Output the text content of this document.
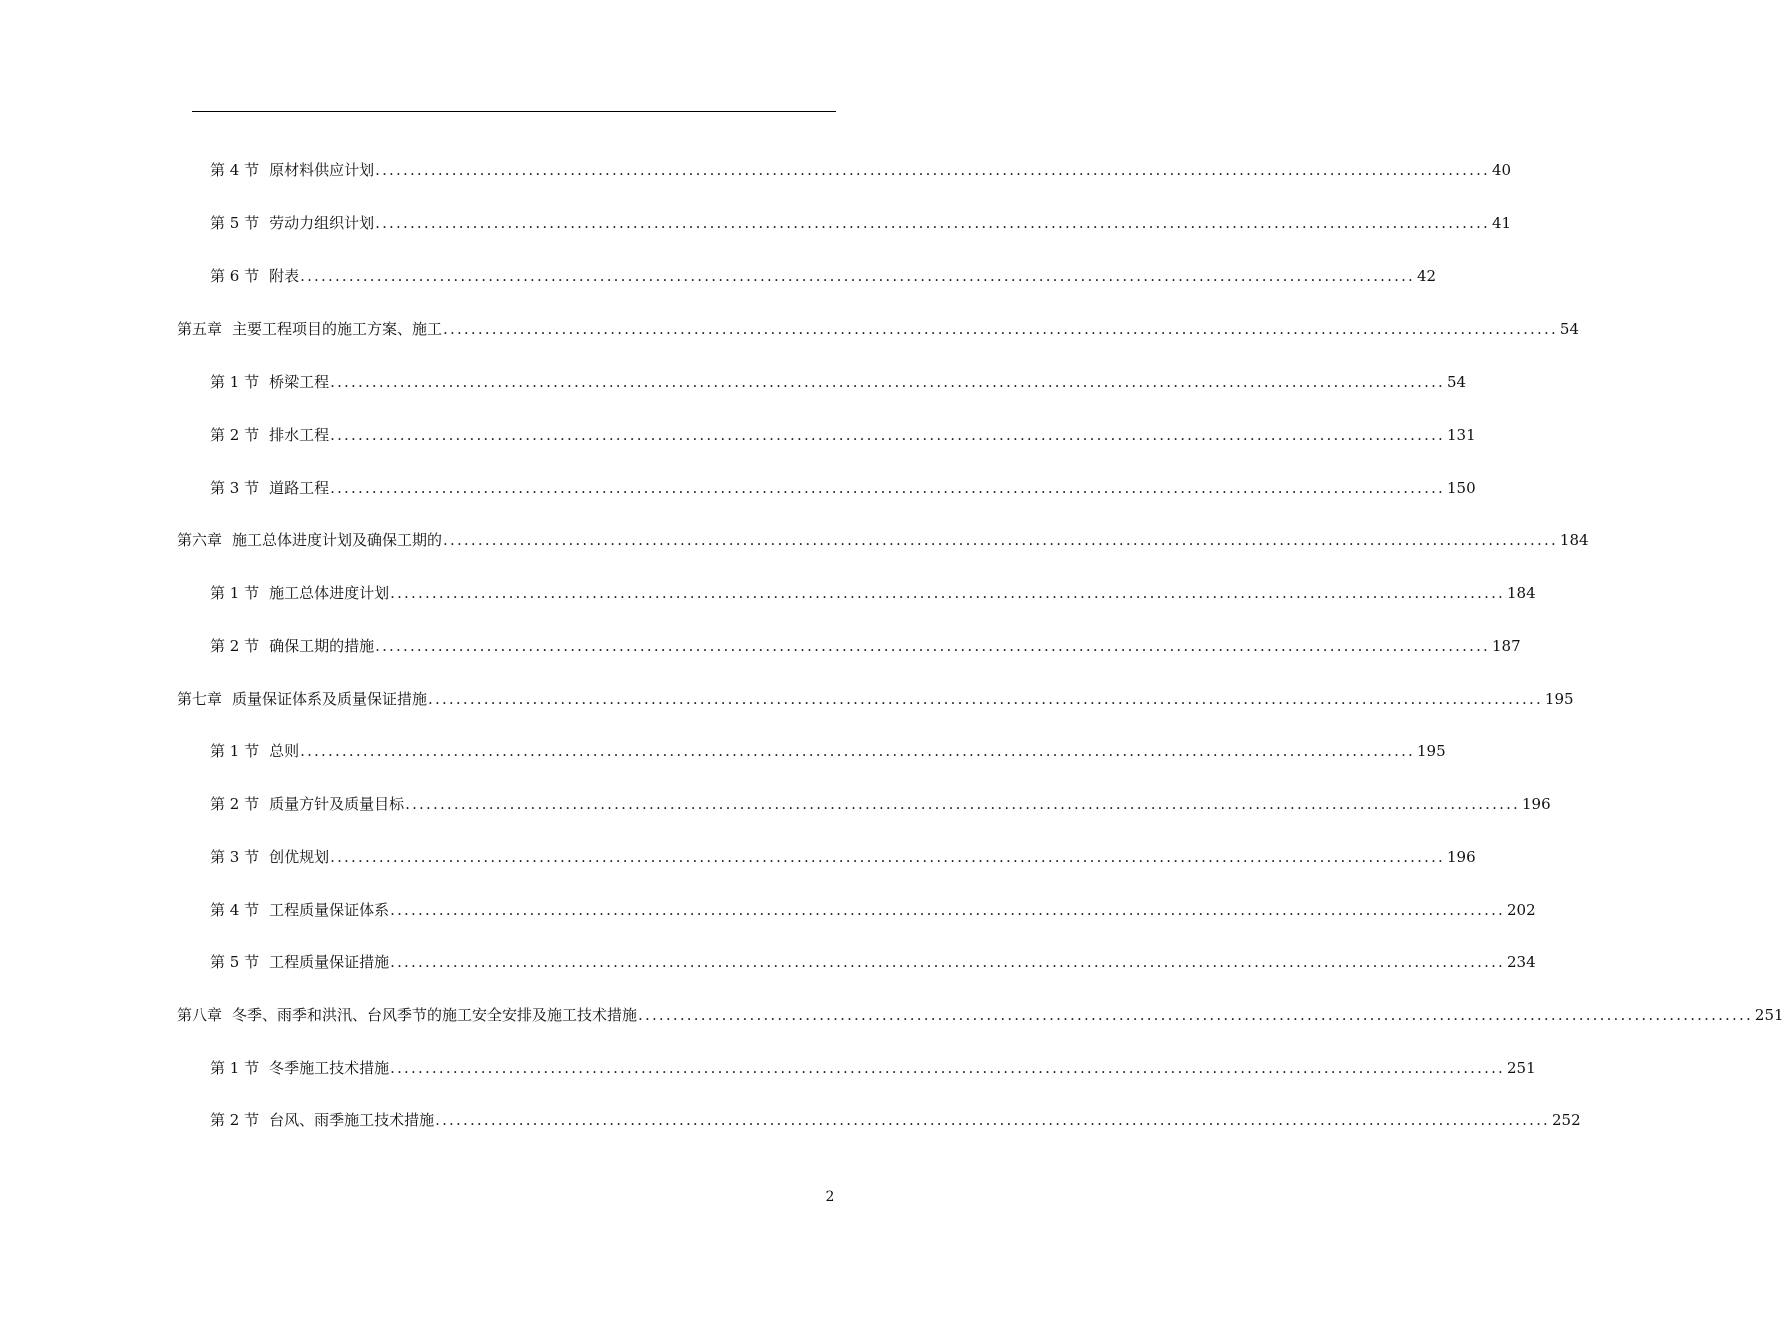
第 4 节 原材料供应计划 ................................................................................................................................................................ 40
第 5 节 劳动力组织计划 ................................................................................................................................................................ 41
第 6 节 附表 ................................................................................................................................................................ 42
第五章 主要工程项目的施工方案、施工 ................................................................................................................................................................ 54
第 1 节 桥梁工程 ................................................................................................................................................................ 54
第 2 节 排水工程 ................................................................................................................................................................ 131
第 3 节 道路工程 ................................................................................................................................................................ 150
第六章 施工总体进度计划及确保工期的 ................................................................................................................................................................ 184
第 1 节 施工总体进度计划 ................................................................................................................................................................ 184
第 2 节 确保工期的措施 ................................................................................................................................................................ 187
第七章 质量保证体系及质量保证措施 ................................................................................................................................................................ 195
第 1 节 总则 ................................................................................................................................................................ 195
第 2 节 质量方针及质量目标 ................................................................................................................................................................ 196
第 3 节 创优规划 ................................................................................................................................................................ 196
第 4 节 工程质量保证体系 ................................................................................................................................................................ 202
第 5 节 工程质量保证措施 ................................................................................................................................................................ 234
第八章 冬季、雨季和洪汛、台风季节的施工安全安排及施工技术措施 ................................................................................................................................................................ 251
第 1 节 冬季施工技术措施 ................................................................................................................................................................ 251
第 2 节 台风、雨季施工技术措施 ................................................................................................................................................................ 252
2
